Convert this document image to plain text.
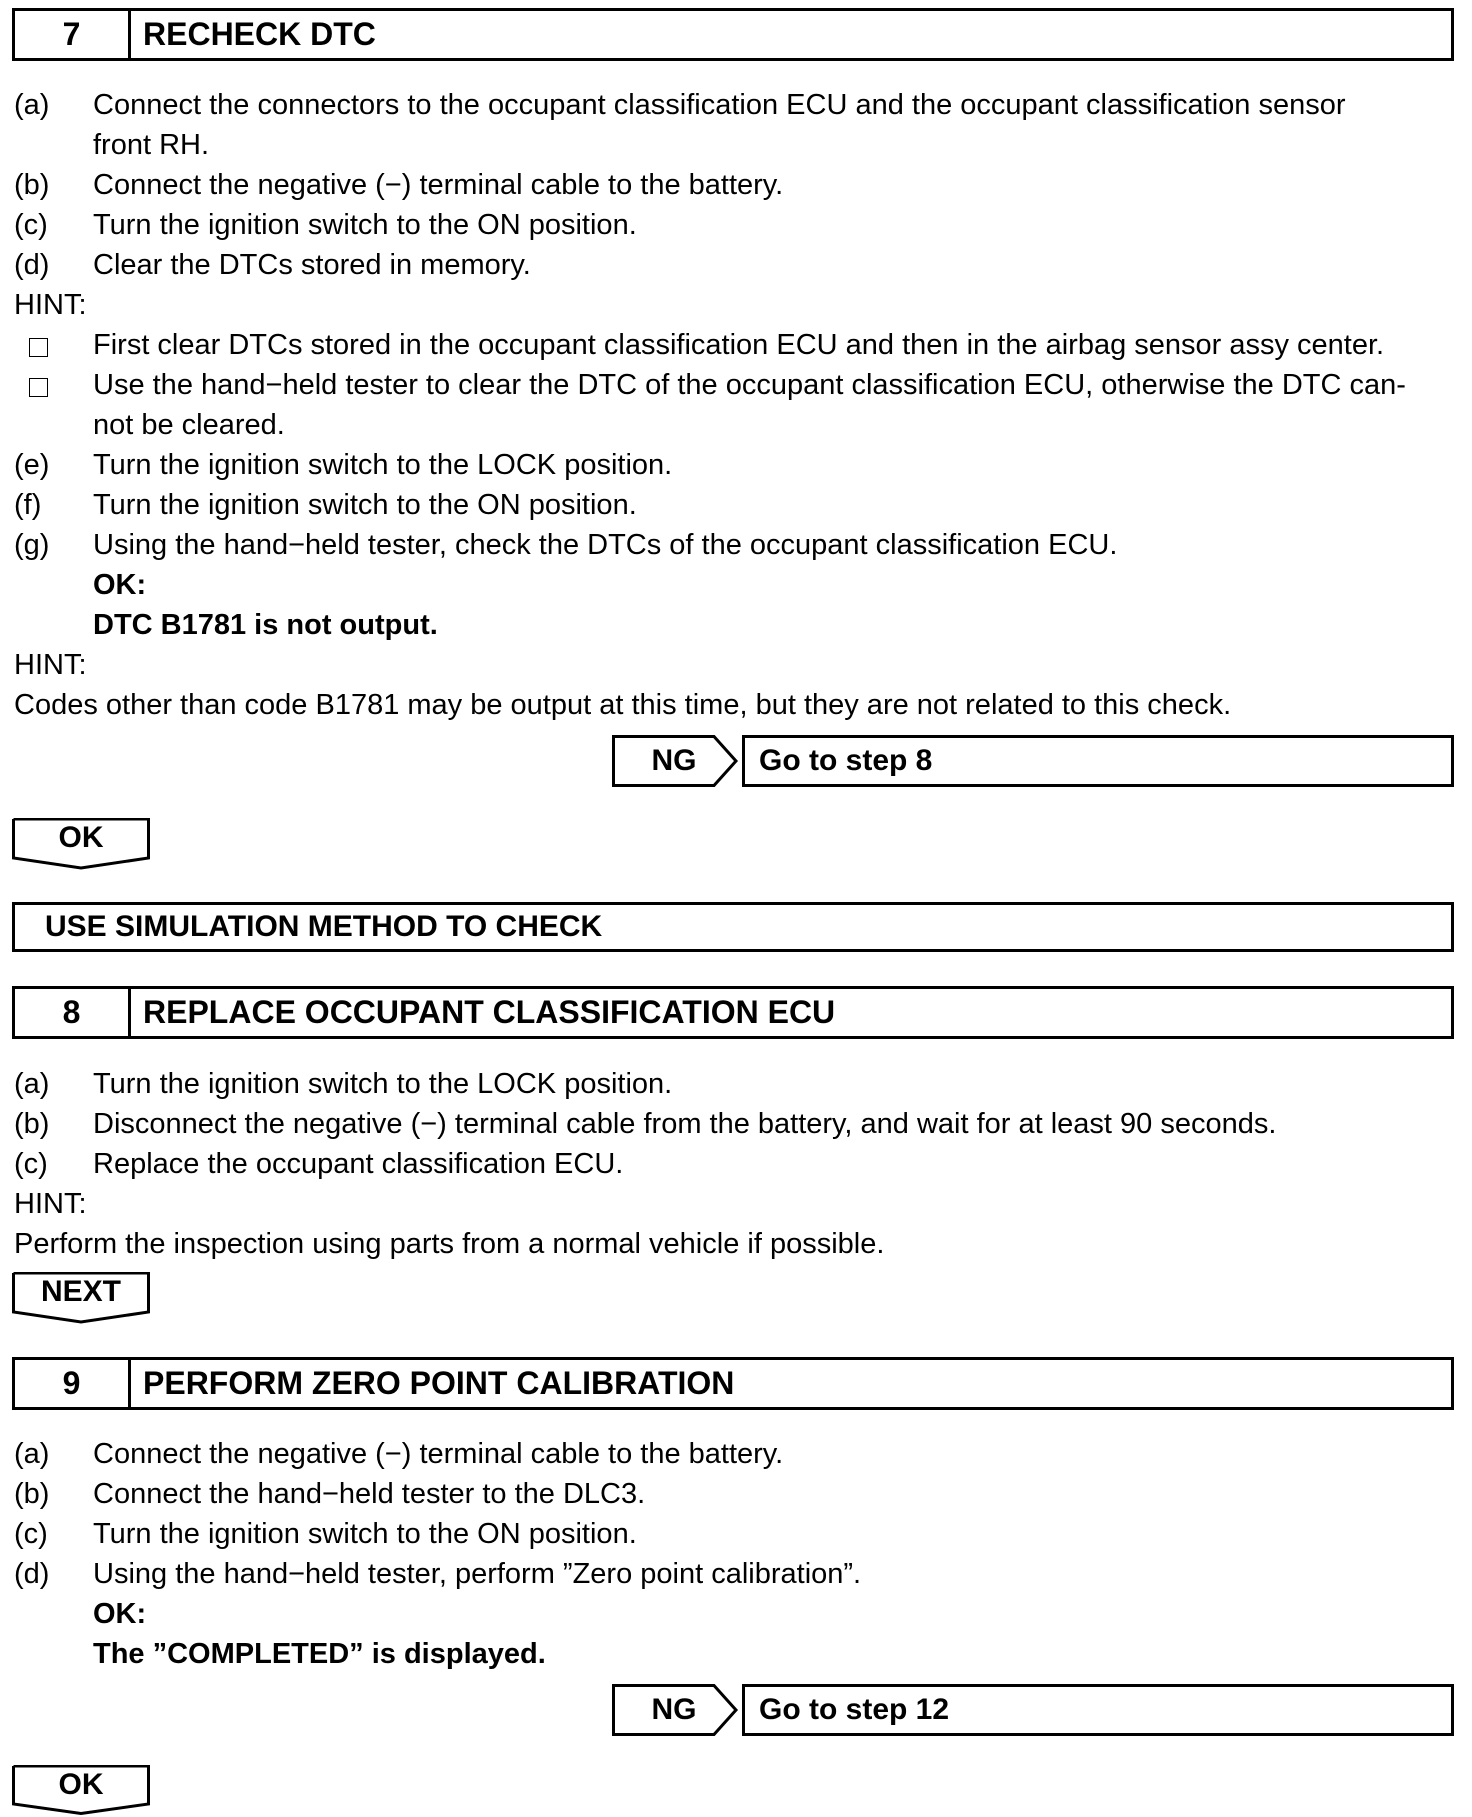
7	RECHECK DTC
(a) Connect the connectors to the occupant classification ECU and the occupant classification sensor
front RH.
(b) Connect the negative (−) terminal cable to the battery.
(c) Turn the ignition switch to the ON position.
(d) Clear the DTCs stored in memory.
HINT:
First clear DTCs stored in the occupant classification ECU and then in the airbag sensor assy center.
Use the hand−held tester to clear the DTC of the occupant classification ECU, otherwise the DTC can-
not be cleared.
(e) Turn the ignition switch to the LOCK position.
(f) Turn the ignition switch to the ON position.
(g) Using the hand−held tester, check the DTCs of the occupant classification ECU.
OK:
DTC B1781 is not output.
HINT:
Codes other than code B1781 may be output at this time, but they are not related to this check.
NG	Go to step 8
OK
USE SIMULATION METHOD TO CHECK
8	REPLACE OCCUPANT CLASSIFICATION ECU
(a) Turn the ignition switch to the LOCK position.
(b) Disconnect the negative (−) terminal cable from the battery, and wait for at least 90 seconds.
(c) Replace the occupant classification ECU.
HINT:
Perform the inspection using parts from a normal vehicle if possible.
NEXT
9	PERFORM ZERO POINT CALIBRATION
(a) Connect the negative (−) terminal cable to the battery.
(b) Connect the hand−held tester to the DLC3.
(c) Turn the ignition switch to the ON position.
(d) Using the hand−held tester, perform ”Zero point calibration”.
OK:
The ”COMPLETED” is displayed.
NG	Go to step 12
OK
